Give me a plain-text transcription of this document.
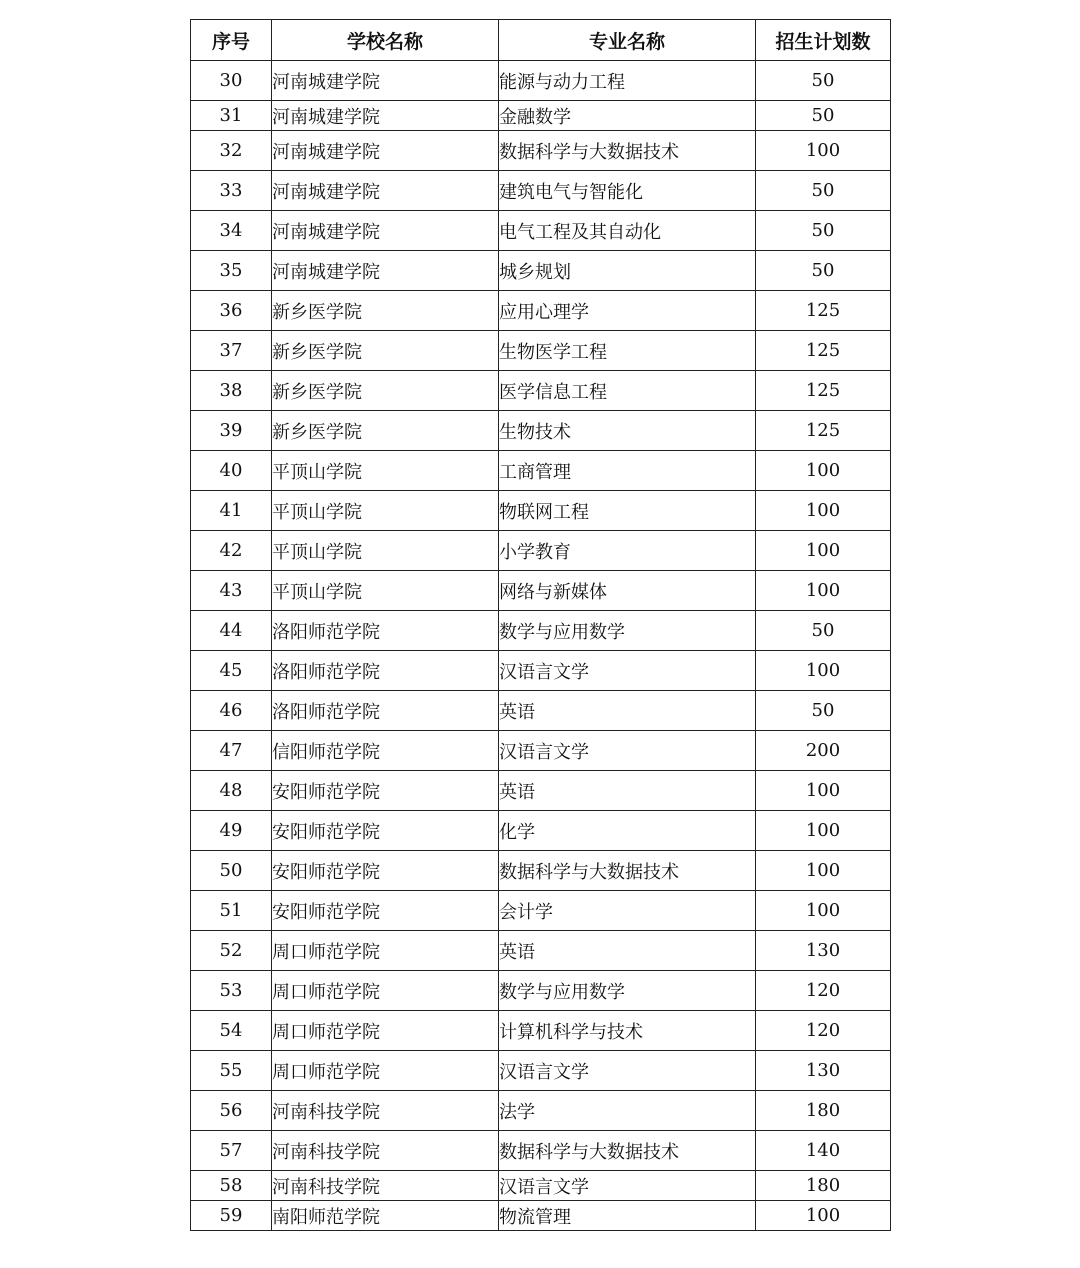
序号	学校名称	专业名称	招生计划数
30	河南城建学院	能源与动力工程	50
31	河南城建学院	金融数学	50
32	河南城建学院	数据科学与大数据技术	100
33	河南城建学院	建筑电气与智能化	50
34	河南城建学院	电气工程及其自动化	50
35	河南城建学院	城乡规划	50
36	新乡医学院	应用心理学	125
37	新乡医学院	生物医学工程	125
38	新乡医学院	医学信息工程	125
39	新乡医学院	生物技术	125
40	平顶山学院	工商管理	100
41	平顶山学院	物联网工程	100
42	平顶山学院	小学教育	100
43	平顶山学院	网络与新媒体	100
44	洛阳师范学院	数学与应用数学	50
45	洛阳师范学院	汉语言文学	100
46	洛阳师范学院	英语	50
47	信阳师范学院	汉语言文学	200
48	安阳师范学院	英语	100
49	安阳师范学院	化学	100
50	安阳师范学院	数据科学与大数据技术	100
51	安阳师范学院	会计学	100
52	周口师范学院	英语	130
53	周口师范学院	数学与应用数学	120
54	周口师范学院	计算机科学与技术	120
55	周口师范学院	汉语言文学	130
56	河南科技学院	法学	180
57	河南科技学院	数据科学与大数据技术	140
58	河南科技学院	汉语言文学	180
59	南阳师范学院	物流管理	100
